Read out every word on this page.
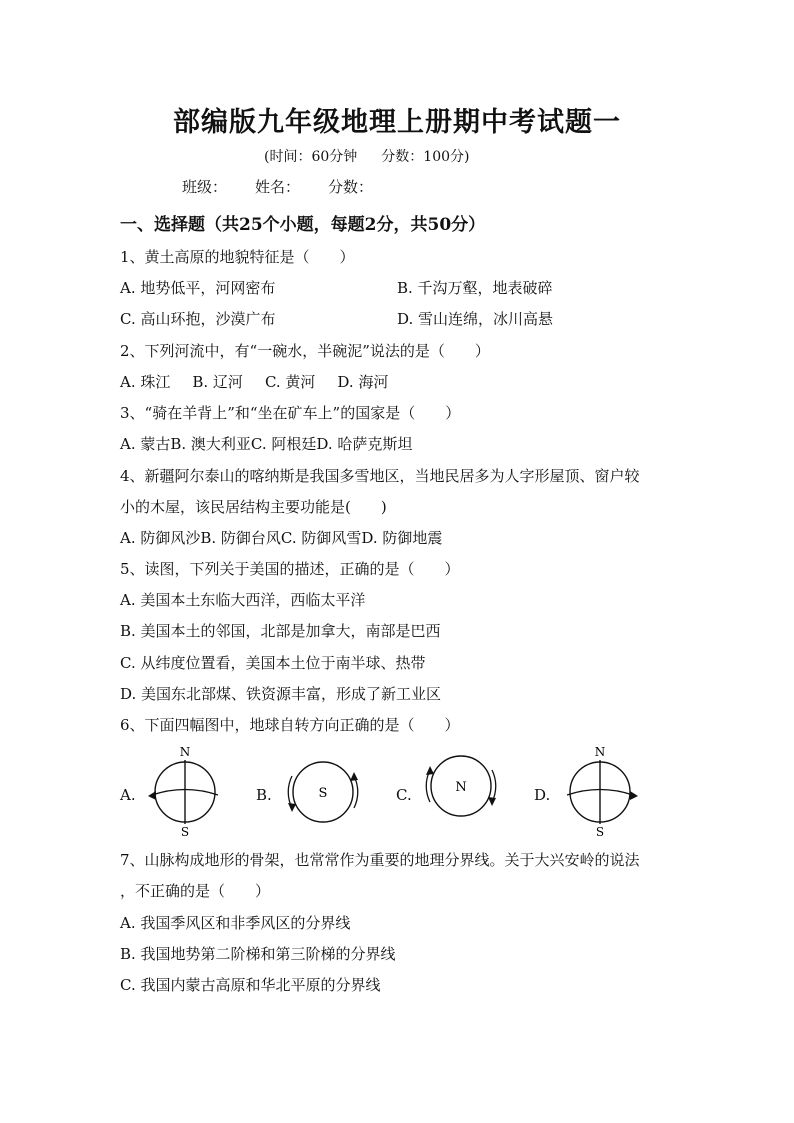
部编版九年级地理上册期中考试题一
(时间：60分钟 分数：100分)
班级： 姓名： 分数：
一、选择题（共25个小题，每题2分，共50分）
1、黄土高原的地貌特征是（　　）
A. 地势低平，河网密布	B. 千沟万壑，地表破碎
C. 高山环抱，沙漠广布	D. 雪山连绵，冰川高悬
2、下列河流中，有“一碗水，半碗泥”说法的是（　　）
A. 珠江 B. 辽河 C. 黄河 D. 海河
3、“骑在羊背上”和“坐在矿车上”的国家是（　　）
A. 蒙古B. 澳大利亚C. 阿根廷D. 哈萨克斯坦
4、新疆阿尔泰山的喀纳斯是我国多雪地区，当地民居多为人字形屋顶、窗户较
小的木屋，该民居结构主要功能是(　　)
A. 防御风沙B. 防御台风C. 防御风雪D. 防御地震
5、读图，下列关于美国的描述，正确的是（　　）
A. 美国本土东临大西洋，西临太平洋
B. 美国本土的邻国，北部是加拿大，南部是巴西
C. 从纬度位置看，美国本土位于南半球、热带
D. 美国东北部煤、铁资源丰富，形成了新工业区
6、下面四幅图中，地球自转方向正确的是（　　）
A.
N
S
B.	S	C.	N	D.
N
S
7、山脉构成地形的骨架，也常常作为重要的地理分界线。关于大兴安岭的说法
，不正确的是（　　）
A. 我国季风区和非季风区的分界线
B. 我国地势第二阶梯和第三阶梯的分界线
C. 我国内蒙古高原和华北平原的分界线
